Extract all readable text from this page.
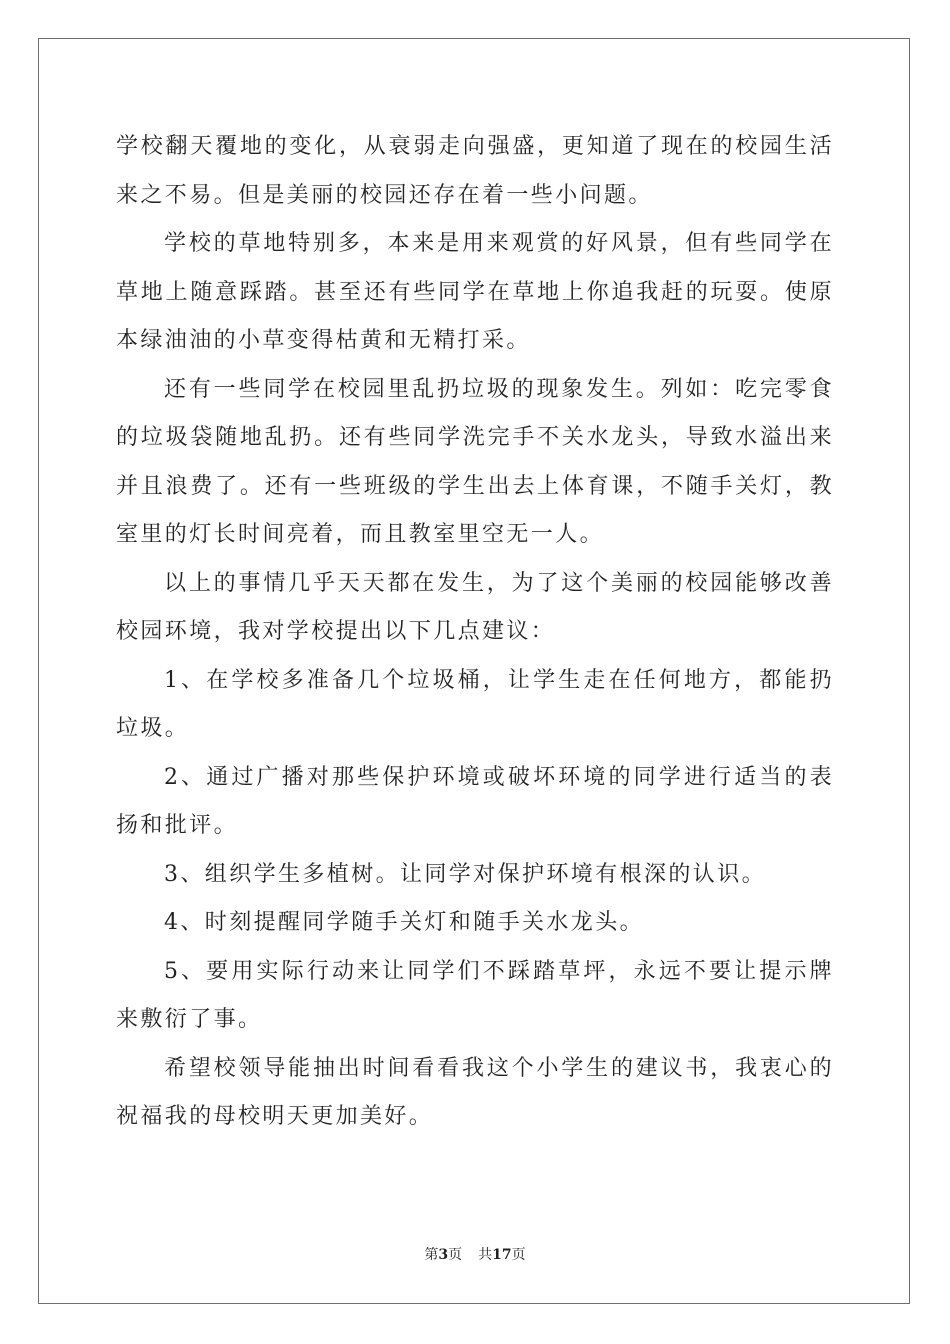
学校翻天覆地的变化，从衰弱走向强盛，更知道了现在的校园生活来之不易。但是美丽的校园还存在着一些小问题。

学校的草地特别多，本来是用来观赏的好风景，但有些同学在草地上随意踩踏。甚至还有些同学在草地上你追我赶的玩耍。使原本绿油油的小草变得枯黄和无精打采。

还有一些同学在校园里乱扔垃圾的现象发生。列如：吃完零食的垃圾袋随地乱扔。还有些同学洗完手不关水龙头，导致水溢出来并且浪费了。还有一些班级的学生出去上体育课，不随手关灯，教室里的灯长时间亮着，而且教室里空无一人。

以上的事情几乎天天都在发生，为了这个美丽的校园能够改善校园环境，我对学校提出以下几点建议：

1、在学校多准备几个垃圾桶，让学生走在任何地方，都能扔垃圾。

2、通过广播对那些保护环境或破坏环境的同学进行适当的表扬和批评。

3、组织学生多植树。让同学对保护环境有根深的认识。

4、时刻提醒同学随手关灯和随手关水龙头。

5、要用实际行动来让同学们不踩踏草坪，永远不要让提示牌来敷衍了事。

希望校领导能抽出时间看看我这个小学生的建议书，我衷心的祝福我的母校明天更加美好。

第3页 共17页
